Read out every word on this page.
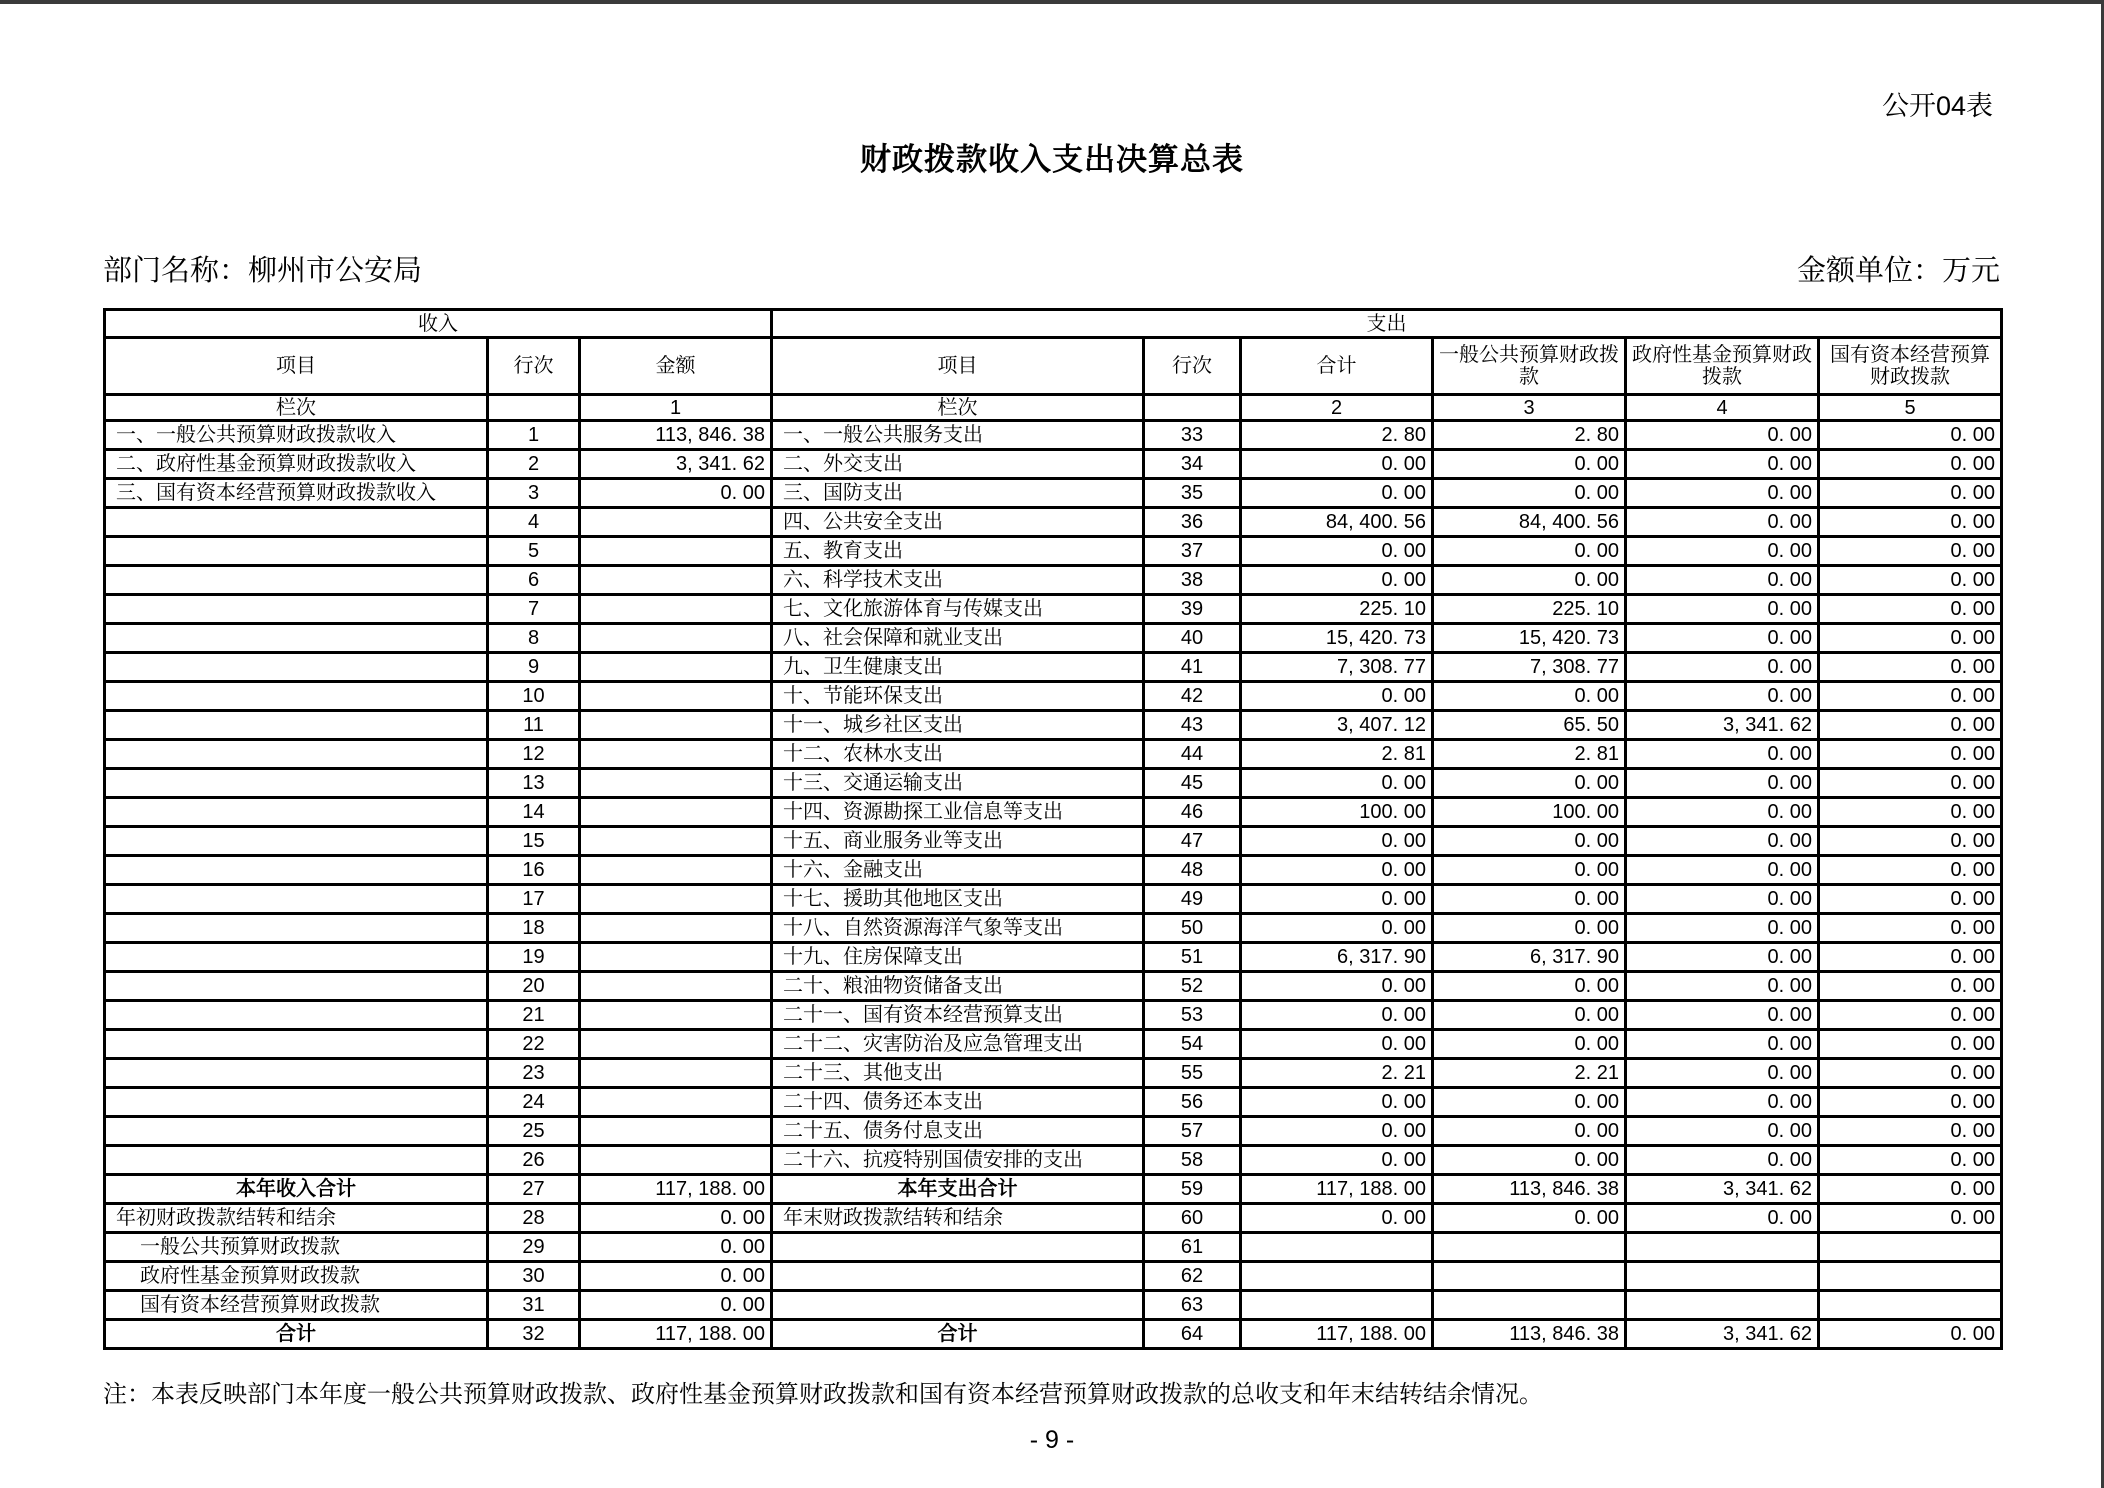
公开04表
财政拨款收入支出决算总表
部门名称：柳州市公安局	金额单位：万元
收入			支出					
项目	行次	金额	项目	行次	合计	一般公共预算财政拨款	政府性基金预算财政拨款	国有资本经营预算财政拨款
栏次		1	栏次		2	3	4	5
一、一般公共预算财政拨款收入	1	113, 846. 38	一、一般公共服务支出	33	2. 80	2. 80	0. 00	0. 00
二、政府性基金预算财政拨款收入	2	3, 341. 62	二、外交支出	34	0. 00	0. 00	0. 00	0. 00
三、国有资本经营预算财政拨款收入	3	0. 00	三、国防支出	35	0. 00	0. 00	0. 00	0. 00
	4		四、公共安全支出	36	84, 400. 56	84, 400. 56	0. 00	0. 00
	5		五、教育支出	37	0. 00	0. 00	0. 00	0. 00
	6		六、科学技术支出	38	0. 00	0. 00	0. 00	0. 00
	7		七、文化旅游体育与传媒支出	39	225. 10	225. 10	0. 00	0. 00
	8		八、社会保障和就业支出	40	15, 420. 73	15, 420. 73	0. 00	0. 00
	9		九、卫生健康支出	41	7, 308. 77	7, 308. 77	0. 00	0. 00
	10		十、节能环保支出	42	0. 00	0. 00	0. 00	0. 00
	11		十一、城乡社区支出	43	3, 407. 12	65. 50	3, 341. 62	0. 00
	12		十二、农林水支出	44	2. 81	2. 81	0. 00	0. 00
	13		十三、交通运输支出	45	0. 00	0. 00	0. 00	0. 00
	14		十四、资源勘探工业信息等支出	46	100. 00	100. 00	0. 00	0. 00
	15		十五、商业服务业等支出	47	0. 00	0. 00	0. 00	0. 00
	16		十六、金融支出	48	0. 00	0. 00	0. 00	0. 00
	17		十七、援助其他地区支出	49	0. 00	0. 00	0. 00	0. 00
	18		十八、自然资源海洋气象等支出	50	0. 00	0. 00	0. 00	0. 00
	19		十九、住房保障支出	51	6, 317. 90	6, 317. 90	0. 00	0. 00
	20		二十、粮油物资储备支出	52	0. 00	0. 00	0. 00	0. 00
	21		二十一、国有资本经营预算支出	53	0. 00	0. 00	0. 00	0. 00
	22		二十二、灾害防治及应急管理支出	54	0. 00	0. 00	0. 00	0. 00
	23		二十三、其他支出	55	2. 21	2. 21	0. 00	0. 00
	24		二十四、债务还本支出	56	0. 00	0. 00	0. 00	0. 00
	25		二十五、债务付息支出	57	0. 00	0. 00	0. 00	0. 00
	26		二十六、抗疫特别国债安排的支出	58	0. 00	0. 00	0. 00	0. 00
本年收入合计	27	117, 188. 00	本年支出合计	59	117, 188. 00	113, 846. 38	3, 341. 62	0. 00
年初财政拨款结转和结余	28	0. 00	年末财政拨款结转和结余	60	0. 00	0. 00	0. 00	0. 00
一般公共预算财政拨款	29	0. 00		61				
政府性基金预算财政拨款	30	0. 00		62				
国有资本经营预算财政拨款	31	0. 00		63				
合计	32	117, 188. 00	合计	64	117, 188. 00	113, 846. 38	3, 341. 62	0. 00
注：本表反映部门本年度一般公共预算财政拨款、政府性基金预算财政拨款和国有资本经营预算财政拨款的总收支和年末结转结余情况。
- 9 -
